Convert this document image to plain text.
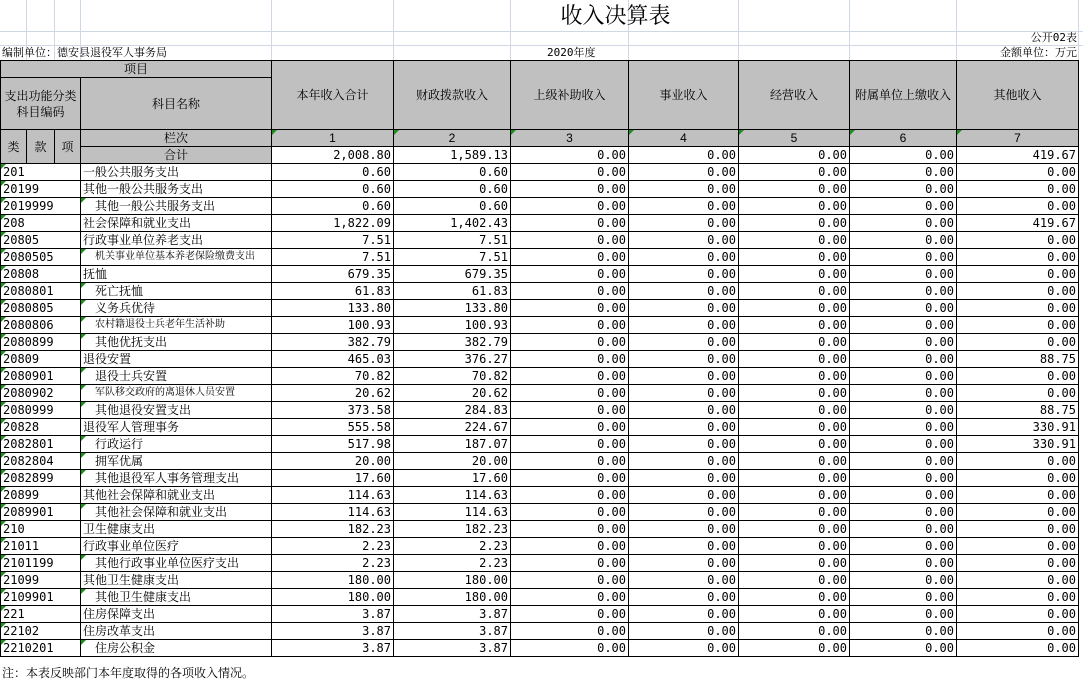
收入决算表
公开02表
编制单位：德安县退役军人事务局	2020年度	金额单位：万元
项目				本年收入合计	财政拨款收入	上级补助收入	事业收入	经营收入	附属单位上缴收入	其他收入
支出功能分类科目编码			科目名称							
类	款	项	栏次	1	2	3	4	5	6	7
			合计	2,008.80	1,589.13	0.00	0.00	0.00	0.00	419.67
201			一般公共服务支出	0.60	0.60	0.00	0.00	0.00	0.00	0.00
20199			其他一般公共服务支出	0.60	0.60	0.00	0.00	0.00	0.00	0.00
2019999			其他一般公共服务支出	0.60	0.60	0.00	0.00	0.00	0.00	0.00
208			社会保障和就业支出	1,822.09	1,402.43	0.00	0.00	0.00	0.00	419.67
20805			行政事业单位养老支出	7.51	7.51	0.00	0.00	0.00	0.00	0.00
2080505			机关事业单位基本养老保险缴费支出	7.51	7.51	0.00	0.00	0.00	0.00	0.00
20808			抚恤	679.35	679.35	0.00	0.00	0.00	0.00	0.00
2080801			死亡抚恤	61.83	61.83	0.00	0.00	0.00	0.00	0.00
2080805			义务兵优待	133.80	133.80	0.00	0.00	0.00	0.00	0.00
2080806			农村籍退役士兵老年生活补助	100.93	100.93	0.00	0.00	0.00	0.00	0.00
2080899			其他优抚支出	382.79	382.79	0.00	0.00	0.00	0.00	0.00
20809			退役安置	465.03	376.27	0.00	0.00	0.00	0.00	88.75
2080901			退役士兵安置	70.82	70.82	0.00	0.00	0.00	0.00	0.00
2080902			军队移交政府的离退休人员安置	20.62	20.62	0.00	0.00	0.00	0.00	0.00
2080999			其他退役安置支出	373.58	284.83	0.00	0.00	0.00	0.00	88.75
20828			退役军人管理事务	555.58	224.67	0.00	0.00	0.00	0.00	330.91
2082801			行政运行	517.98	187.07	0.00	0.00	0.00	0.00	330.91
2082804			拥军优属	20.00	20.00	0.00	0.00	0.00	0.00	0.00
2082899			其他退役军人事务管理支出	17.60	17.60	0.00	0.00	0.00	0.00	0.00
20899			其他社会保障和就业支出	114.63	114.63	0.00	0.00	0.00	0.00	0.00
2089901			其他社会保障和就业支出	114.63	114.63	0.00	0.00	0.00	0.00	0.00
210			卫生健康支出	182.23	182.23	0.00	0.00	0.00	0.00	0.00
21011			行政事业单位医疗	2.23	2.23	0.00	0.00	0.00	0.00	0.00
2101199			其他行政事业单位医疗支出	2.23	2.23	0.00	0.00	0.00	0.00	0.00
21099			其他卫生健康支出	180.00	180.00	0.00	0.00	0.00	0.00	0.00
2109901			其他卫生健康支出	180.00	180.00	0.00	0.00	0.00	0.00	0.00
221			住房保障支出	3.87	3.87	0.00	0.00	0.00	0.00	0.00
22102			住房改革支出	3.87	3.87	0.00	0.00	0.00	0.00	0.00
2210201			住房公积金	3.87	3.87	0.00	0.00	0.00	0.00	0.00
注：本表反映部门本年度取得的各项收入情况。
